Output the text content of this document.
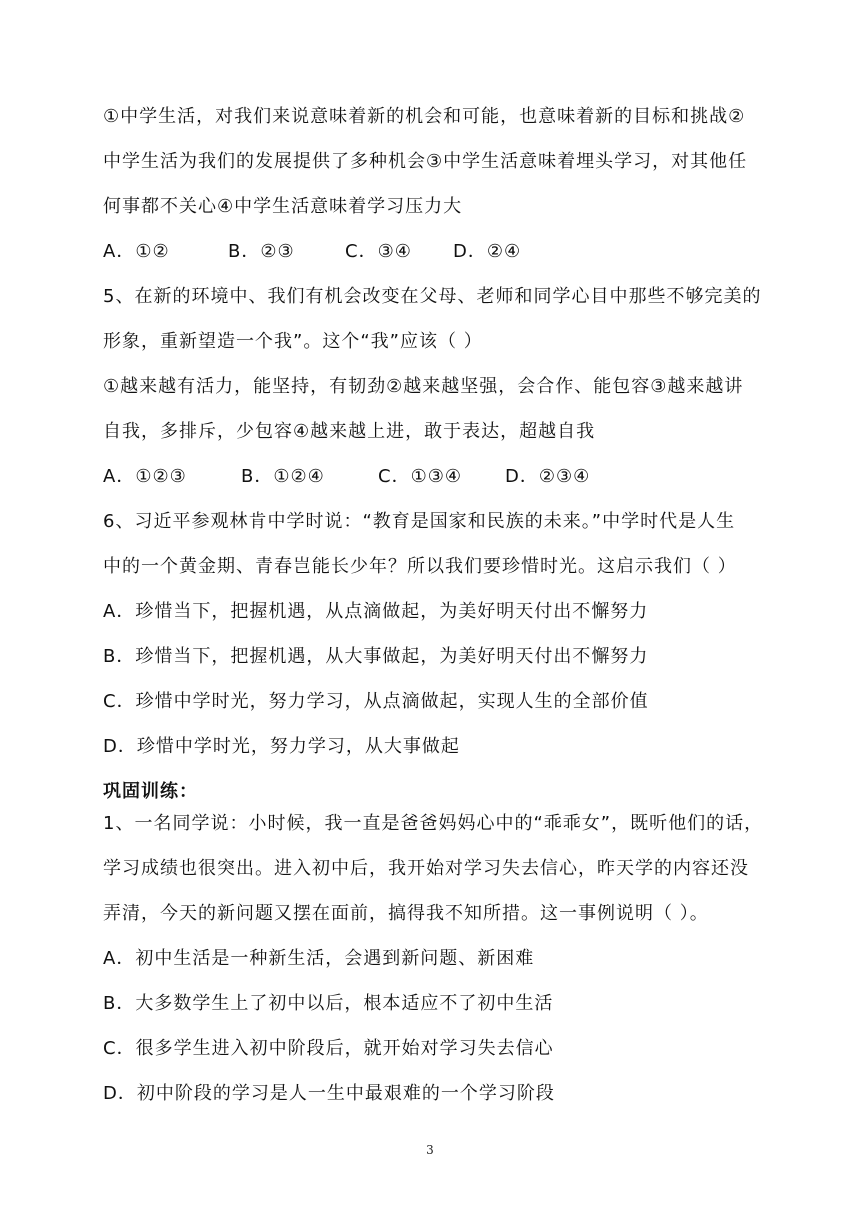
①中学生活，对我们来说意味着新的机会和可能，也意味着新的目标和挑战②
中学生活为我们的发展提供了多种机会③中学生活意味着埋头学习，对其他任
何事都不关心④中学生活意味着学习压力大
A．①②	B．②③	C．③④	D．②④
5、在新的环境中、我们有机会改变在父母、老师和同学心目中那些不够完美的
形象，重新望造一个我”。这个“我”应该（ ）
①越来越有活力，能坚持，有韧劲②越来越坚强，会合作、能包容③越来越讲
自我，多排斥，少包容④越来越上进，敢于表达，超越自我
A．①②③	B．①②④	C．①③④	D．②③④
6、习近平参观林肯中学时说：“教育是国家和民族的未来。”中学时代是人生
中的一个黄金期、青春岂能长少年？所以我们要珍惜时光。这启示我们（ ）
A．珍惜当下，把握机遇，从点滴做起，为美好明天付出不懈努力
B．珍惜当下，把握机遇，从大事做起，为美好明天付出不懈努力
C．珍惜中学时光，努力学习，从点滴做起，实现人生的全部价值
D．珍惜中学时光，努力学习，从大事做起
巩固训练：
1、一名同学说：小时候，我一直是爸爸妈妈心中的“乖乖女”，既听他们的话，
学习成绩也很突出。进入初中后，我开始对学习失去信心，昨天学的内容还没
弄清，今天的新问题又摆在面前，搞得我不知所措。这一事例说明（ ）。
A．初中生活是一种新生活，会遇到新问题、新困难
B．大多数学生上了初中以后，根本适应不了初中生活
C．很多学生进入初中阶段后，就开始对学习失去信心
D．初中阶段的学习是人一生中最艰难的一个学习阶段
3
